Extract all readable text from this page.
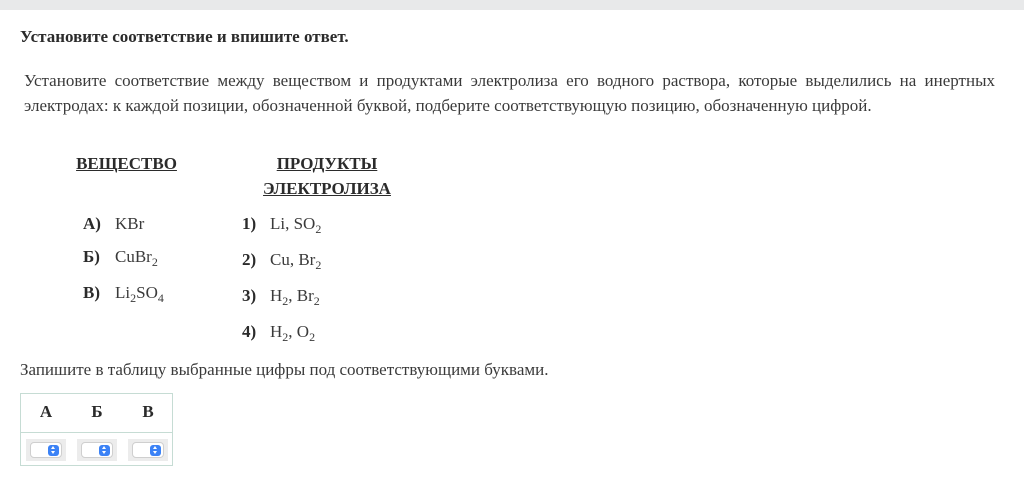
Установите соответствие и впишите ответ.
Установите соответствие между веществом и продуктами электролиза его водного раствора, которые выделились на инертных электродах: к каждой позиции, обозначенной буквой, подберите соответствующую позицию, обозначенную цифрой.
ВЕЩЕСТВО	ПРОДУКТЫ
ЭЛЕКТРОЛИЗА
А) KBr
Б) CuBr$_2$
В) $Li_2SO_4$
1) Li, $SO_2$
2) Cu, $Br_2$
3) $H_2$, $Br_2$
4) $H_2$, $O_2$
Запишите в таблицу выбранные цифры под соответствующими буквами.
А	Б	В
